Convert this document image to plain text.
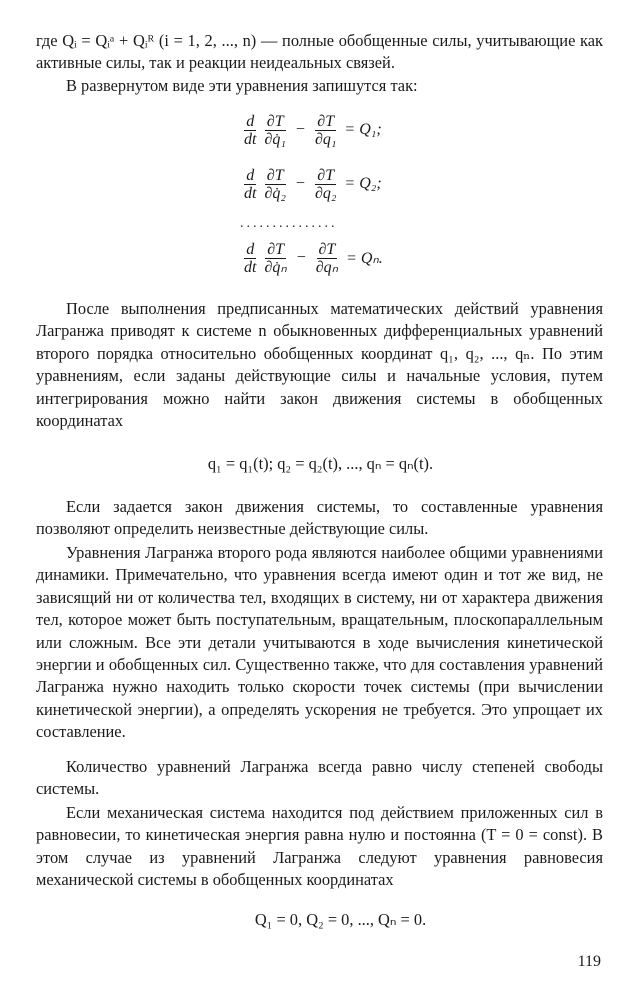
где Qᵢ = Qᵢᵃ + Qᵢᴿ (i = 1, 2, ..., n) — полные обобщенные силы, учитывающие как активные силы, так и реакции неидеальных связей.

В развернутом виде эти уравнения запишутся так:

$\frac{d}{dt} \frac{\partial T}{\text{∂q̇₁}} - \frac{\partial T}{\text{∂q₁}} = Q_1$;
$\frac{d}{dt} \frac{\partial T}{\text{∂q̇₂}} - \frac{\partial T}{\text{∂q₂}} = Q_2$;
...............
$\frac{d}{dt} \frac{\partial T}{\text{∂q̇ₙ}} - \frac{\partial T}{\text{∂qₙ}} = Q_n$.

После выполнения предписанных математических действий уравнения Лагранжа приводят к системе n обыкновенных дифференциальных уравнений второго порядка относительно обобщенных координат q₁, q₂, ..., qₙ. По этим уравнениям, если заданы действующие силы и начальные условия, путем интегрирования можно найти закон движения системы в обобщенных координатах

q₁ = q₁(t); q₂ = q₂(t), ..., qₙ = qₙ(t).

Если задается закон движения системы, то составленные уравнения позволяют определить неизвестные действующие силы.

Уравнения Лагранжа второго рода являются наиболее общими уравнениями динамики. Примечательно, что уравнения всегда имеют один и тот же вид, не зависящий ни от количества тел, входящих в систему, ни от характера движения тел, которое может быть поступательным, вращательным, плоскопараллельным или сложным. Все эти детали учитываются в ходе вычисления кинетической энергии и обобщенных сил. Существенно также, что для составления уравнений Лагранжа нужно находить только скорости точек системы (при вычислении кинетической энергии), а определять ускорения не требуется. Это упрощает их составление.

Количество уравнений Лагранжа всегда равно числу степеней свободы системы.

Если механическая система находится под действием приложенных сил в равновесии, то кинетическая энергия равна нулю и постоянна (T = 0 = const). В этом случае из уравнений Лагранжа следуют уравнения равновесия механической системы в обобщенных координатах

Q₁ = 0, Q₂ = 0, ..., Qₙ = 0.
119
